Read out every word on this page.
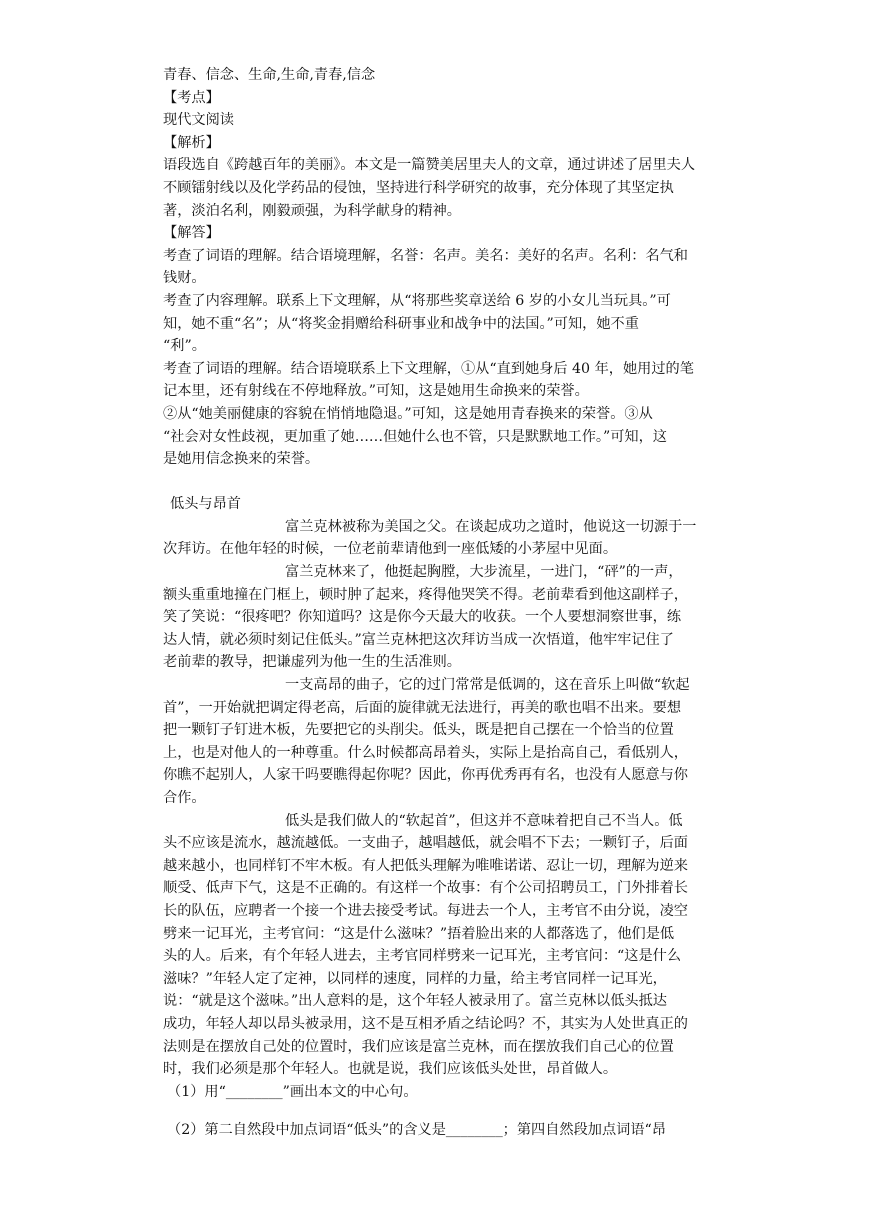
青春、信念、生命,生命,青春,信念
【考点】
现代文阅读
【解析】
语段选自《跨越百年的美丽》。本文是一篇赞美居里夫人的文章，通过讲述了居里夫人
不顾镭射线以及化学药品的侵蚀，坚持进行科学研究的故事，充分体现了其坚定执
著，淡泊名利，刚毅顽强，为科学献身的精神。
【解答】
考查了词语的理解。结合语境理解，名誉：名声。美名：美好的名声。名利：名气和
钱财。
考查了内容理解。联系上下文理解，从“将那些奖章送给 6 岁的小女儿当玩具。”可
知，她不重“名”；从“将奖金捐赠给科研事业和战争中的法国。”可知，她不重
“利”。
考查了词语的理解。结合语境联系上下文理解，①从“直到她身后 40 年，她用过的笔
记本里，还有射线在不停地释放。”可知，这是她用生命换来的荣誉。
②从“她美丽健康的容貌在悄悄地隐退。”可知，这是她用青春换来的荣誉。③从
“社会对女性歧视，更加重了她……但她什么也不管，只是默默地工作。”可知，这
是她用信念换来的荣誉。
低头与昂首
富兰克林被称为美国之父。在谈起成功之道时，他说这一切源于一
次拜访。在他年轻的时候，一位老前辈请他到一座低矮的小茅屋中见面。
富兰克林来了，他挺起胸膛，大步流星，一进门，“砰”的一声，
额头重重地撞在门框上，顿时肿了起来，疼得他哭笑不得。老前辈看到他这副样子，
笑了笑说：“很疼吧？你知道吗？这是你今天最大的收获。一个人要想洞察世事，练
达人情，就必须时刻记住低头。”富兰克林把这次拜访当成一次悟道，他牢牢记住了
老前辈的教导，把谦虚列为他一生的生活准则。
一支高昂的曲子，它的过门常常是低调的，这在音乐上叫做“软起
首”，一开始就把调定得老高，后面的旋律就无法进行，再美的歌也唱不出来。要想
把一颗钉子钉进木板，先要把它的头削尖。低头，既是把自己摆在一个恰当的位置
上，也是对他人的一种尊重。什么时候都高昂着头，实际上是抬高自己，看低别人，
你瞧不起别人，人家干吗要瞧得起你呢？因此，你再优秀再有名，也没有人愿意与你
合作。
低头是我们做人的“软起首”，但这并不意味着把自己不当人。低
头不应该是流水，越流越低。一支曲子，越唱越低，就会唱不下去；一颗钉子，后面
越来越小，也同样钉不牢木板。有人把低头理解为唯唯诺诺、忍让一切，理解为逆来
顺受、低声下气，这是不正确的。有这样一个故事：有个公司招聘员工，门外排着长
长的队伍，应聘者一个接一个进去接受考试。每进去一个人，主考官不由分说，凌空
劈来一记耳光，主考官问：“这是什么滋味？”捂着脸出来的人都落选了，他们是低
头的人。后来，有个年轻人进去，主考官同样劈来一记耳光，主考官问：“这是什么
滋味？”年轻人定了定神，以同样的速度，同样的力量，给主考官同样一记耳光，
说：“就是这个滋味。”出人意料的是，这个年轻人被录用了。富兰克林以低头抵达
成功，年轻人却以昂头被录用，这不是互相矛盾之结论吗？不，其实为人处世真正的
法则是在摆放自己处的位置时，我们应该是富兰克林，而在摆放我们自己心的位置
时，我们必须是那个年轻人。也就是说，我们应该低头处世，昂首做人。
（1）用“________”画出本文的中心句。
（2）第二自然段中加点词语“低头”的含义是________；第四自然段加点词语“昂
